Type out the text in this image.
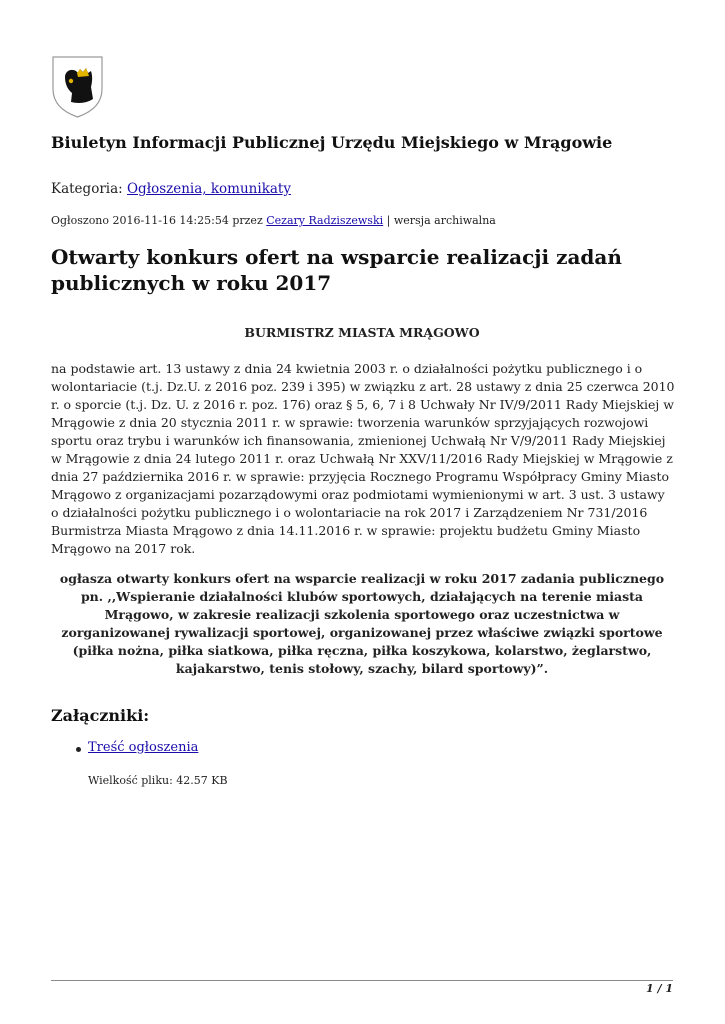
Biuletyn Informacji Publicznej Urzędu Miejskiego w Mrągowie

Kategoria: Ogłoszenia, komunikaty

Ogłoszono 2016-11-16 14:25:54 przez Cezary Radziszewski | wersja archiwalna

Otwarty konkurs ofert na wsparcie realizacji zadań publicznych w roku 2017

BURMISTRZ MIASTA MRĄGOWO

na podstawie art. 13 ustawy z dnia 24 kwietnia 2003 r. o działalności pożytku publicznego i o wolontariacie (t.j. Dz.U. z 2016 poz. 239 i 395) w związku z art. 28 ustawy z dnia 25 czerwca 2010 r. o sporcie (t.j. Dz. U. z 2016 r. poz. 176) oraz § 5, 6, 7 i 8 Uchwały Nr IV/9/2011 Rady Miejskiej w Mrągowie z dnia 20 stycznia 2011 r. w sprawie: tworzenia warunków sprzyjających rozwojowi sportu oraz trybu i warunków ich finansowania, zmienionej Uchwałą Nr V/9/2011 Rady Miejskiej w Mrągowie z dnia 24 lutego 2011 r. oraz Uchwałą Nr XXV/11/2016 Rady Miejskiej w Mrągowie z dnia 27 października 2016 r. w sprawie: przyjęcia Rocznego Programu Współpracy Gminy Miasto Mrągowo z organizacjami pozarządowymi oraz podmiotami wymienionymi w art. 3 ust. 3 ustawy o działalności pożytku publicznego i o wolontariacie na rok 2017 i Zarządzeniem Nr 731/2016 Burmistrza Miasta Mrągowo z dnia 14.11.2016 r. w sprawie: projektu budżetu Gminy Miasto Mrągowo na 2017 rok.

ogłasza otwarty konkurs ofert na wsparcie realizacji w roku 2017 zadania publicznego pn. ,,Wspieranie działalności klubów sportowych, działających na terenie miasta Mrągowo, w zakresie realizacji szkolenia sportowego oraz uczestnictwa w zorganizowanej rywalizacji sportowej, organizowanej przez właściwe związki sportowe (piłka nożna, piłka siatkowa, piłka ręczna, piłka koszykowa, kolarstwo, żeglarstwo, kajakarstwo, tenis stołowy, szachy, bilard sportowy)”.

Załączniki:
Treść ogłoszenia

Wielkość pliku: 42.57 KB

1 / 1
